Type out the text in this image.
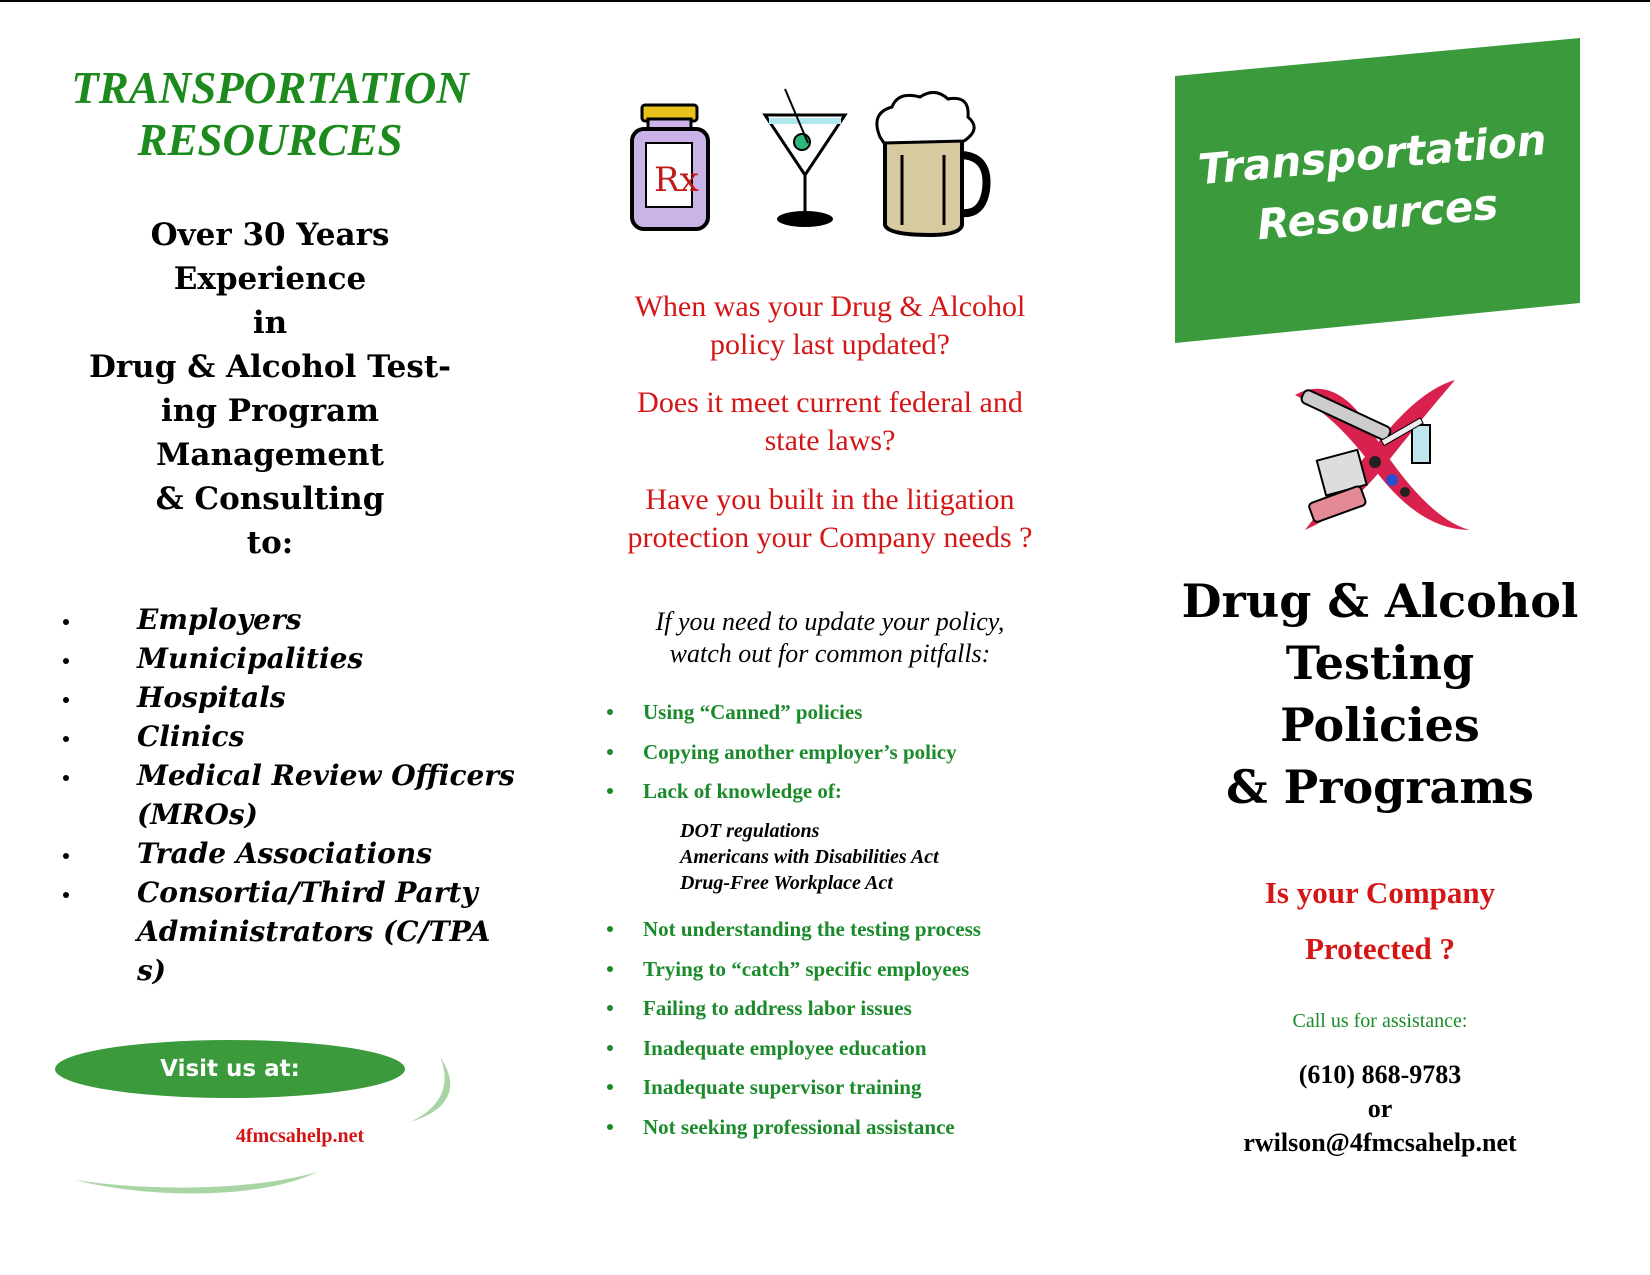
TRANSPORTATION
RESOURCES
Over 30 Years
Experience
in
Drug & Alcohol Test-
ing Program
Management
& Consulting
to:
Employers
Municipalities
Hospitals
Clinics
Medical Review Officers (MROs)
Trade Associations
Consortia/Third Party Administrators (C/TPA s)
Visit us at:
4fmcsahelp.net
Rx
When was your Drug & Alcohol
policy last updated?
Does it meet current federal and
state laws?
Have you built in the litigation
protection your Company needs ?
If you need to update your policy,
watch out for common pitfalls:
Using “Canned” policies
Copying another employer’s policy
Lack of knowledge of:
DOT regulations
Americans with Disabilities Act
Drug-Free Workplace Act
Not understanding the testing process
Trying to “catch” specific employees
Failing to address labor issues
Inadequate employee education
Inadequate supervisor training
Not seeking professional assistance
Transportation
Resources
Drug & Alcohol
Testing
Policies
& Programs
Is your Company
Protected ?
Call us for assistance:
(610) 868-9783
or
rwilson@4fmcsahelp.net
